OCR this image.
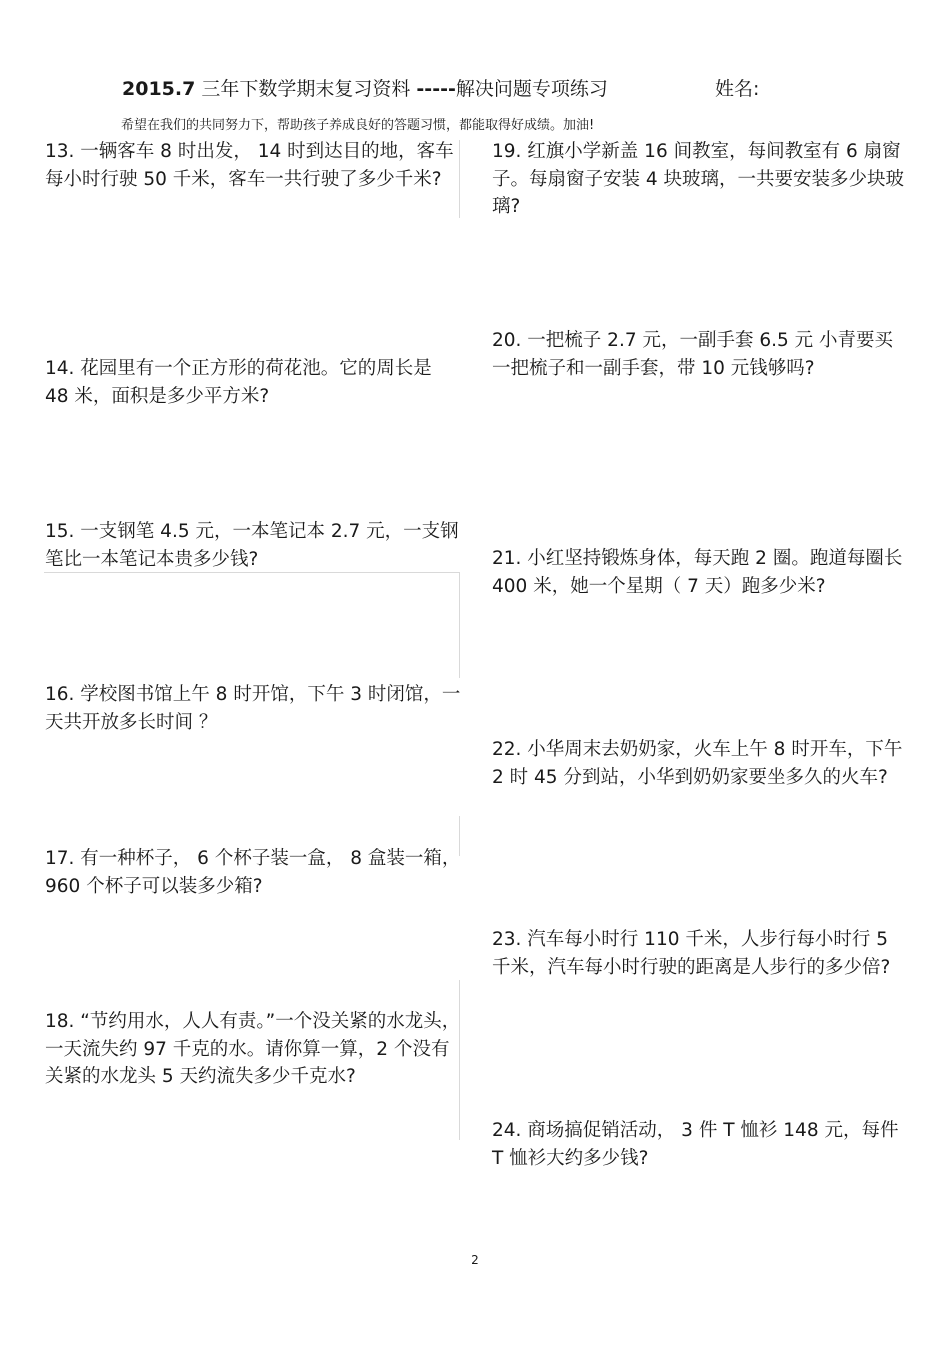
2015.7 三年下数学期末复习资料 -----解决问题专项练习	姓名:
希望在我们的共同努力下，帮助孩子养成良好的答题习惯，都能取得好成绩。加油!

13. 一辆客车 8 时出发， 14 时到达目的地，客车每小时行驶 50 千米，客车一共行驶了多少千米?

14. 花园里有一个正方形的荷花池。它的周长是 48 米，面积是多少平方米?

15. 一支钢笔 4.5 元，一本笔记本 2.7 元，一支钢笔比一本笔记本贵多少钱?

16. 学校图书馆上午 8 时开馆，下午 3 时闭馆，一天共开放多长时间 ？

17. 有一种杯子， 6 个杯子装一盒， 8 盒装一箱， 960 个杯子可以装多少箱?

18. “节约用水，人人有责。”一个没关紧的水龙头，一天流失约 97 千克的水。请你算一算，2 个没有关紧的水龙头 5 天约流失多少千克水?

19. 红旗小学新盖 16 间教室，每间教室有 6 扇窗子。每扇窗子安装 4 块玻璃，一共要安装多少块玻璃?

20. 一把梳子 2.7 元，一副手套 6.5 元 小青要买一把梳子和一副手套，带 10 元钱够吗?

21. 小红坚持锻炼身体，每天跑 2 圈。跑道每圈长 400 米，她一个星期（ 7 天）跑多少米?

22. 小华周末去奶奶家，火车上午 8 时开车，下午 2 时 45 分到站，小华到奶奶家要坐多久的火车?

23. 汽车每小时行 110 千米，人步行每小时行 5 千米，汽车每小时行驶的距离是人步行的多少倍?

24. 商场搞促销活动， 3 件 T 恤衫 148 元，每件 T 恤衫大约多少钱?

2
